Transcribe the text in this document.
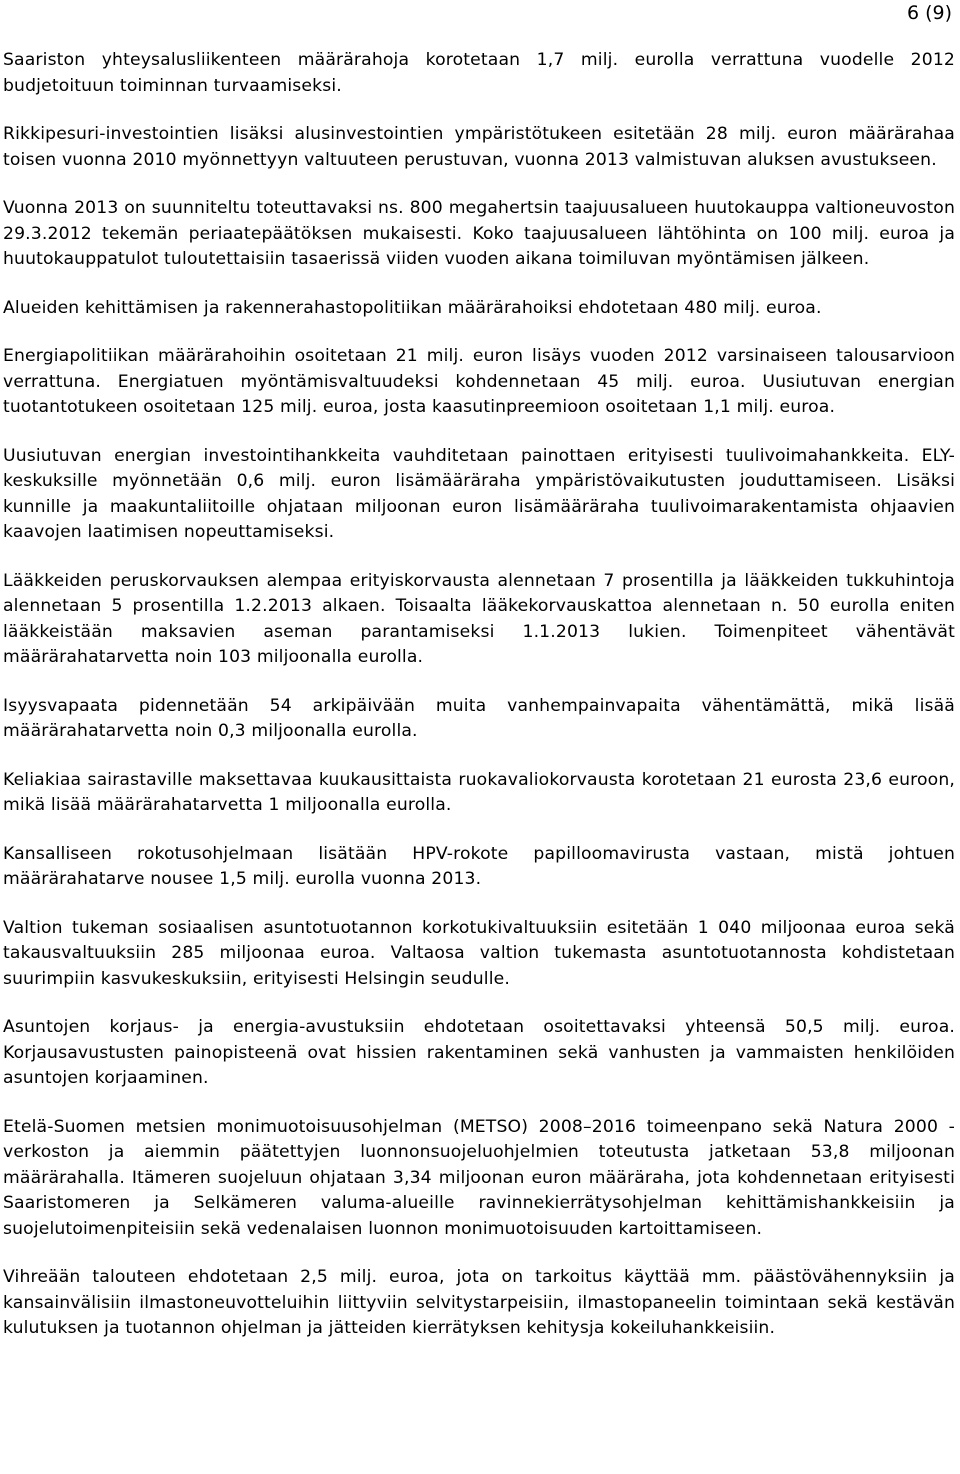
6 (9)

Saariston yhteysalusliikenteen määrärahoja korotetaan 1,7 milj. eurolla verrattuna vuodelle 2012 budjetoituun toiminnan turvaamiseksi.

Rikkipesuri-investointien lisäksi alusinvestointien ympäristötukeen esitetään 28 milj. euron määrärahaa toisen vuonna 2010 myönnettyyn valtuuteen perustuvan, vuonna 2013 valmistuvan aluksen avustukseen.

Vuonna 2013 on suunniteltu toteuttavaksi ns. 800 megahertsin taajuusalueen huutokauppa valtioneuvoston 29.3.2012 tekemän periaatepäätöksen mukaisesti. Koko taajuusalueen lähtöhinta on 100 milj. euroa ja huutokauppatulot tuloutettaisiin tasaerissä viiden vuoden aikana toimiluvan myöntämisen jälkeen.

Alueiden kehittämisen ja rakennerahastopolitiikan määrärahoiksi ehdotetaan 480 milj. euroa.

Energiapolitiikan määrärahoihin osoitetaan 21 milj. euron lisäys vuoden 2012 varsinaiseen talousarvioon verrattuna. Energiatuen myöntämisvaltuudeksi kohdennetaan 45 milj. euroa. Uusiutuvan energian tuotantotukeen osoitetaan 125 milj. euroa, josta kaasutinpreemioon osoitetaan 1,1 milj. euroa.

Uusiutuvan energian investointihankkeita vauhditetaan painottaen erityisesti tuulivoimahankkeita. ELY-keskuksille myönnetään 0,6 milj. euron lisämääräraha ympäristövaikutusten jouduttamiseen. Lisäksi kunnille ja maakuntaliitoille ohjataan miljoonan euron lisämääräraha tuulivoimarakentamista ohjaavien kaavojen laatimisen nopeuttamiseksi.

Lääkkeiden peruskorvauksen alempaa erityiskorvausta alennetaan 7 prosentilla ja lääkkeiden tukkuhintoja alennetaan 5 prosentilla 1.2.2013 alkaen. Toisaalta lääkekorvauskattoa alennetaan n. 50 eurolla eniten lääkkeistään maksavien aseman parantamiseksi 1.1.2013 lukien. Toimenpiteet vähentävät määrärahatarvetta noin 103 miljoonalla eurolla.

Isyysvapaata pidennetään 54 arkipäivään muita vanhempainvapaita vähentämättä, mikä lisää määrärahatarvetta noin 0,3 miljoonalla eurolla.

Keliakiaa sairastaville maksettavaa kuukausittaista ruokavaliokorvausta korotetaan 21 eurosta 23,6 euroon, mikä lisää määrärahatarvetta 1 miljoonalla eurolla.

Kansalliseen rokotusohjelmaan lisätään HPV-rokote papilloomavirusta vastaan, mistä johtuen määrärahatarve nousee 1,5 milj. eurolla vuonna 2013.

Valtion tukeman sosiaalisen asuntotuotannon korkotukivaltuuksiin esitetään 1 040 miljoonaa euroa sekä takausvaltuuksiin 285 miljoonaa euroa. Valtaosa valtion tukemasta asuntotuotannosta kohdistetaan suurimpiin kasvukeskuksiin, erityisesti Helsingin seudulle.

Asuntojen korjaus- ja energia-avustuksiin ehdotetaan osoitettavaksi yhteensä 50,5 milj. euroa. Korjausavustusten painopisteenä ovat hissien rakentaminen sekä vanhusten ja vammaisten henkilöiden asuntojen korjaaminen.

Etelä-Suomen metsien monimuotoisuusohjelman (METSO) 2008–2016 toimeenpano sekä Natura 2000 -verkoston ja aiemmin päätettyjen luonnonsuojeluohjelmien toteutusta jatketaan 53,8 miljoonan määrärahalla. Itämeren suojeluun ohjataan 3,34 miljoonan euron määräraha, jota kohdennetaan erityisesti Saaristomeren ja Selkämeren valuma-alueille ravinnekierrätysohjelman kehittämishankkeisiin ja suojelutoimenpiteisiin sekä vedenalaisen luonnon monimuotoisuuden kartoittamiseen.

Vihreään talouteen ehdotetaan 2,5 milj. euroa, jota on tarkoitus käyttää mm. päästövähennyksiin ja kansainvälisiin ilmastoneuvotteluihin liittyviin selvitystarpeisiin, ilmastopaneelin toimintaan sekä kestävän kulutuksen ja tuotannon ohjelman ja jätteiden kierrätyksen kehitysja kokeiluhankkeisiin.
